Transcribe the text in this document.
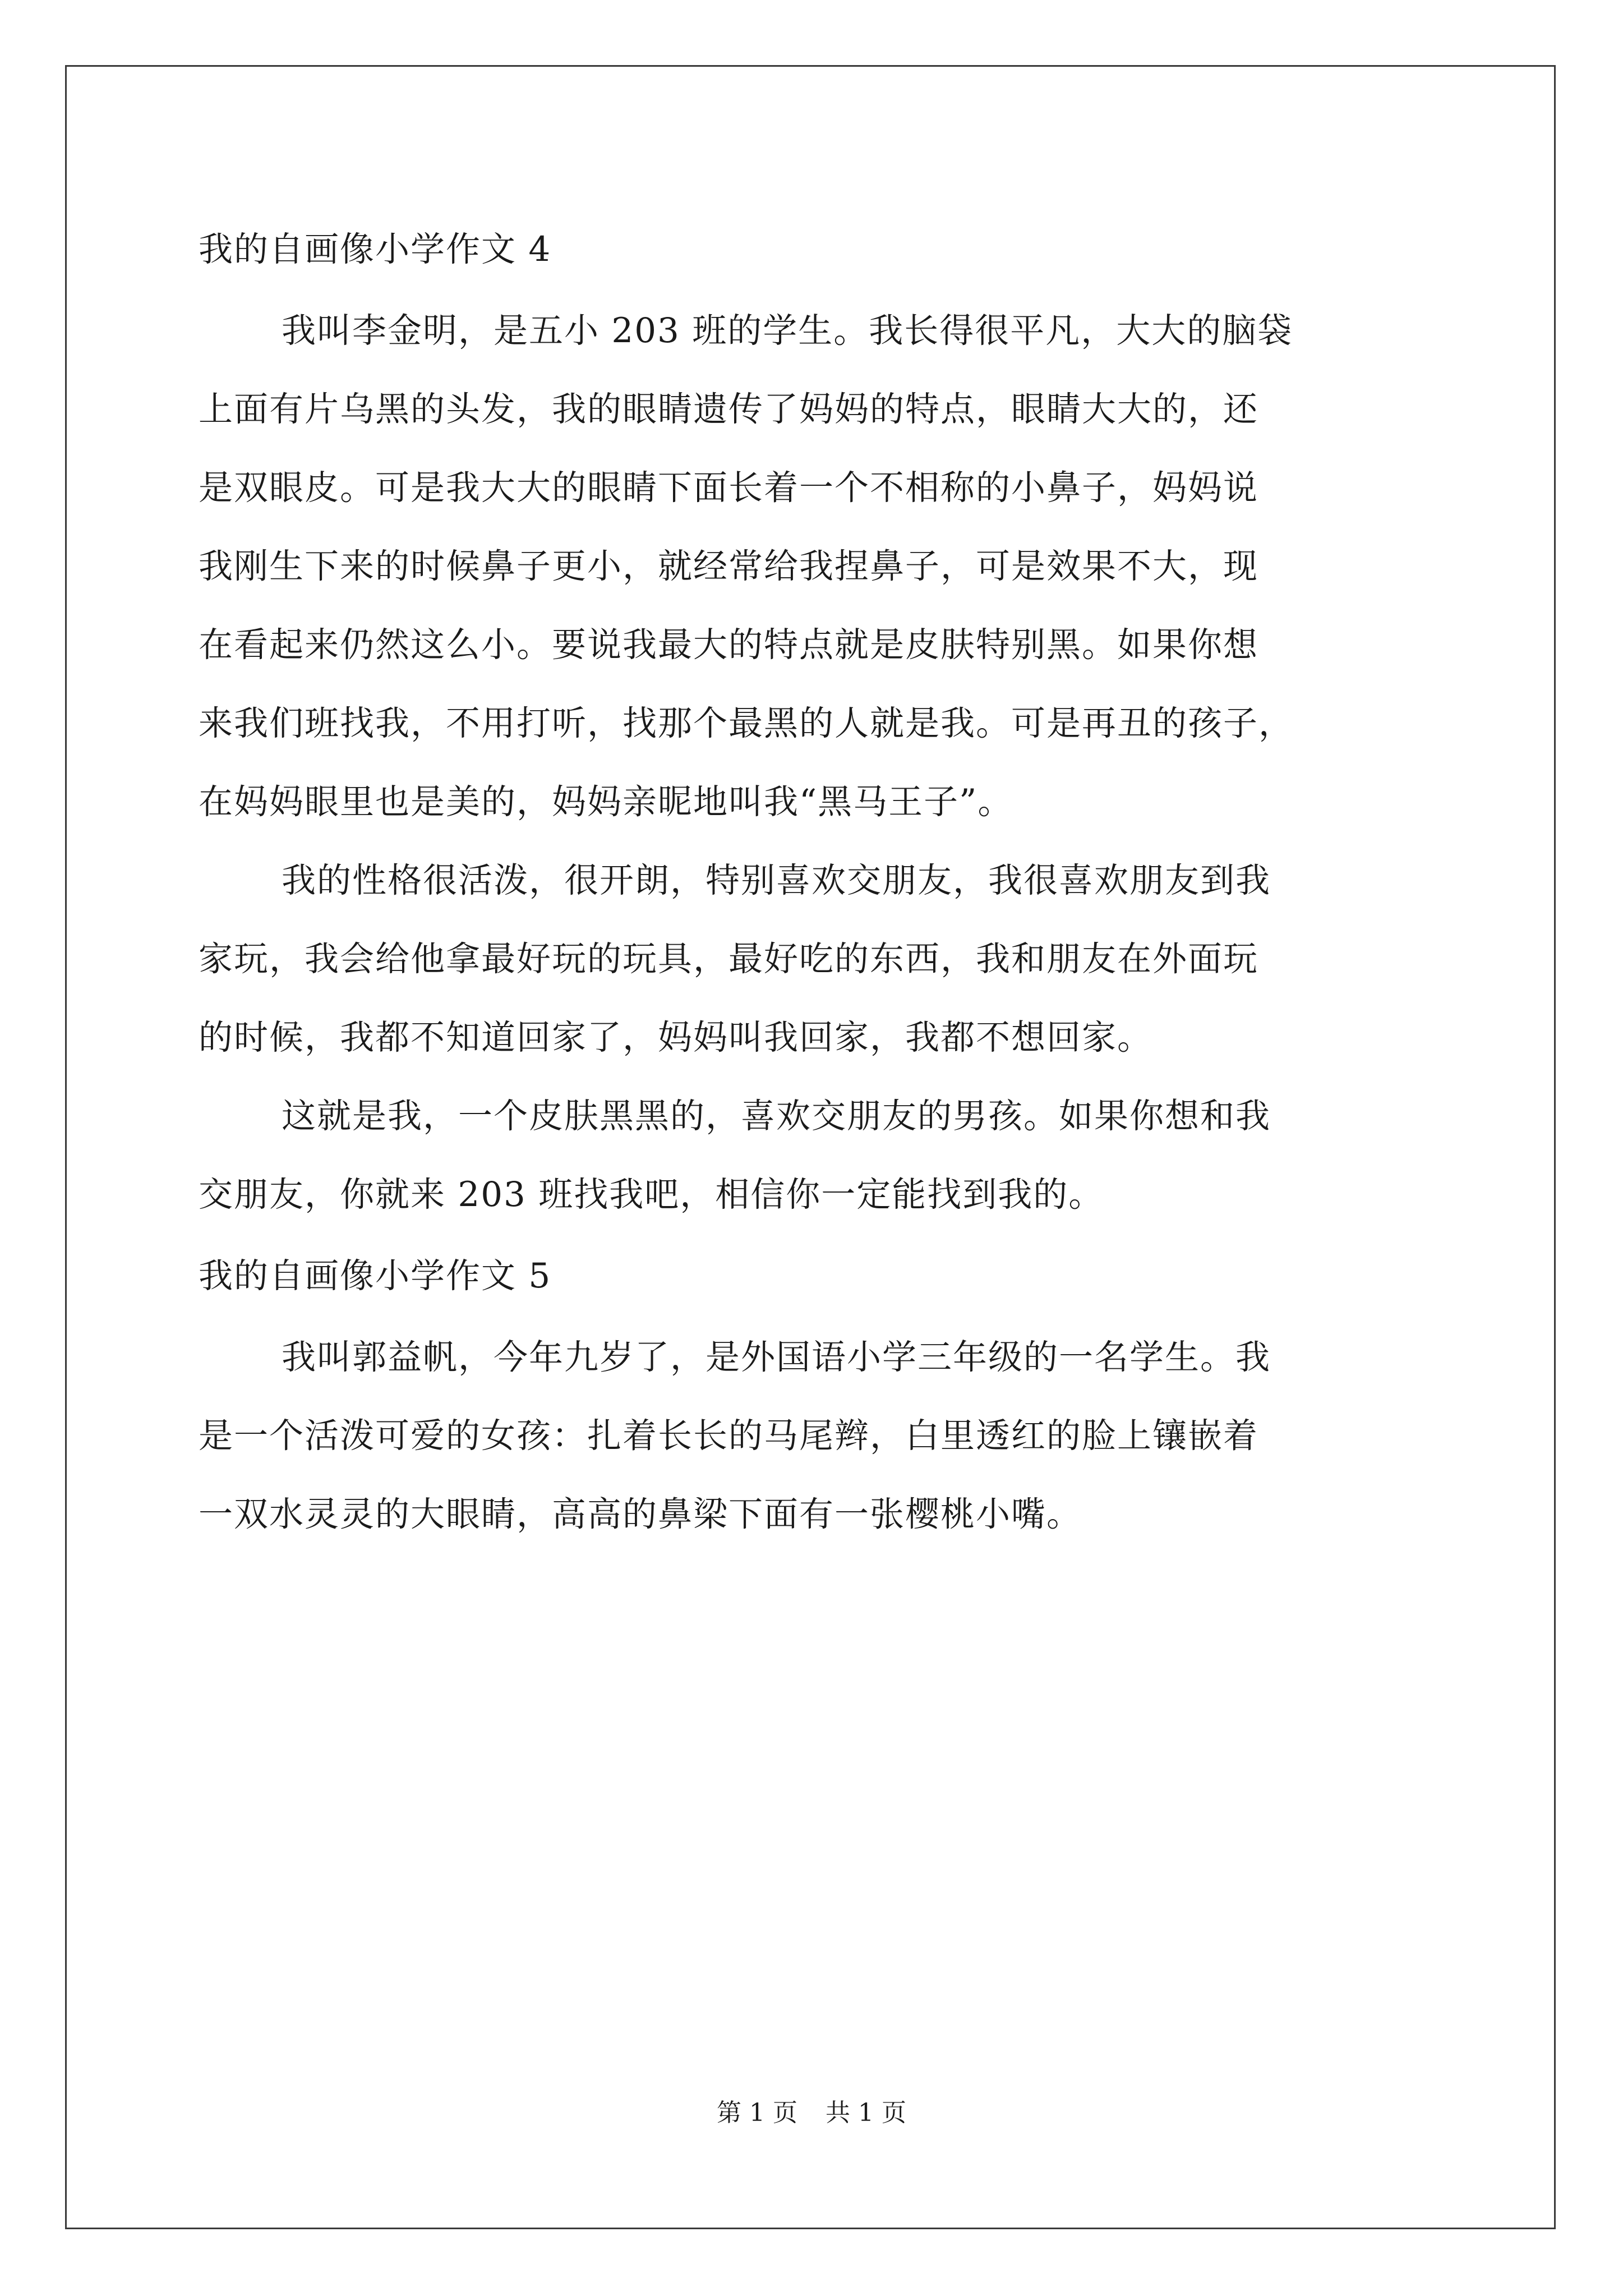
我的自画像小学作文 4
我叫李金明，是五小 203 班的学生。我长得很平凡，大大的脑袋
上面有片乌黑的头发，我的眼睛遗传了妈妈的特点，眼睛大大的，还
是双眼皮。可是我大大的眼睛下面长着一个不相称的小鼻子，妈妈说
我刚生下来的时候鼻子更小，就经常给我捏鼻子，可是效果不大，现
在看起来仍然这么小。要说我最大的特点就是皮肤特别黑。如果你想
来我们班找我，不用打听，找那个最黑的人就是我。可是再丑的孩子，
在妈妈眼里也是美的，妈妈亲昵地叫我“黑马王子”。
我的性格很活泼，很开朗，特别喜欢交朋友，我很喜欢朋友到我
家玩，我会给他拿最好玩的玩具，最好吃的东西，我和朋友在外面玩
的时候，我都不知道回家了，妈妈叫我回家，我都不想回家。
这就是我，一个皮肤黑黑的，喜欢交朋友的男孩。如果你想和我
交朋友，你就来 203 班找我吧，相信你一定能找到我的。
我的自画像小学作文 5
我叫郭益帆，今年九岁了，是外国语小学三年级的一名学生。我
是一个活泼可爱的女孩：扎着长长的马尾辫，白里透红的脸上镶嵌着
一双水灵灵的大眼睛，高高的鼻梁下面有一张樱桃小嘴。
第 1 页 共 1 页
